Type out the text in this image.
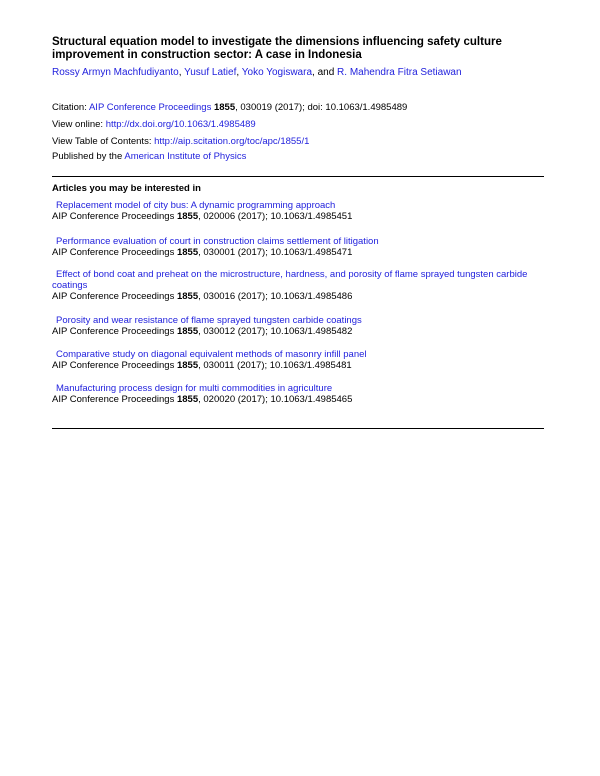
Structural equation model to investigate the dimensions influencing safety culture improvement in construction sector: A case in Indonesia
Rossy Armyn Machfudiyanto, Yusuf Latief, Yoko Yogiswara, and R. Mahendra Fitra Setiawan
Citation: AIP Conference Proceedings 1855, 030019 (2017); doi: 10.1063/1.4985489
View online: http://dx.doi.org/10.1063/1.4985489
View Table of Contents: http://aip.scitation.org/toc/apc/1855/1
Published by the American Institute of Physics
Articles you may be interested in
Replacement model of city bus: A dynamic programming approach
AIP Conference Proceedings 1855, 020006 (2017); 10.1063/1.4985451
Performance evaluation of court in construction claims settlement of litigation
AIP Conference Proceedings 1855, 030001 (2017); 10.1063/1.4985471
Effect of bond coat and preheat on the microstructure, hardness, and porosity of flame sprayed tungsten carbide coatings
AIP Conference Proceedings 1855, 030016 (2017); 10.1063/1.4985486
Porosity and wear resistance of flame sprayed tungsten carbide coatings
AIP Conference Proceedings 1855, 030012 (2017); 10.1063/1.4985482
Comparative study on diagonal equivalent methods of masonry infill panel
AIP Conference Proceedings 1855, 030011 (2017); 10.1063/1.4985481
Manufacturing process design for multi commodities in agriculture
AIP Conference Proceedings 1855, 020020 (2017); 10.1063/1.4985465
